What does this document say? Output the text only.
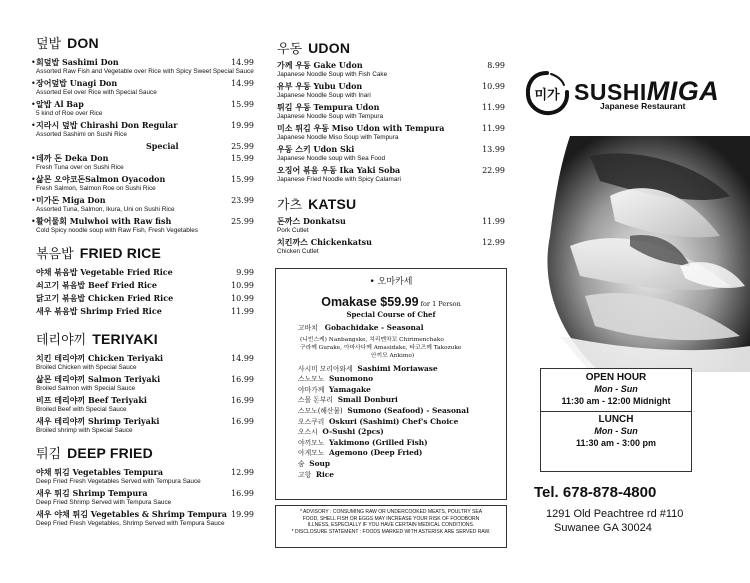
덮밥 DON
• 회덮밥 Sashimi Don	14.99
Assorted Raw Fish and Vegetable over Rice with Spicy Sweet Special Sauce
• 장어덮밥 Unagi Don	14.99
Assorted Eel over Rice with Special Sauce
• 알밥 Al Bap	15.99
5 kind of Roe over Rice
• 지라시 덮밥 Chirashi Don Regular	19.99
Assorted Sashimi on Sushi Rice
Special	25.99
• 데까 돈 Deka Don	15.99
Fresh Tuna over on Sushi Rice
• 삶몬 오야코돈Salmon Oyacodon	15.99
Fresh Salmon, Salmon Roe on Sushi Rice
• 미가돈 Miga Don	23.99
Assorted Tuna, Salmon, Ikura, Uni on Sushi Rice
• 활어물회 Mulwhoi with Raw fish	25.99
Cold Spicy noodle soup with Raw Fish, Fresh Vegetables
볶음밥 FRIED RICE
야채 볶음밥 Vegetable Fried Rice	9.99
쇠고기 볶음밥 Beef Fried Rice	10.99
닭고기 볶음밥 Chicken Fried Rice	10.99
새우 볶음밥 Shrimp Fried Rice	11.99
테리야끼 TERIYAKI
치킨 테리야끼 Chicken Teriyaki	14.99
Broiled Chicken with Special Sauce
삶몬 테리야끼 Salmon Teriyaki	16.99
Broiled Salmon with Special Sauce
비프 테리야끼 Beef Teriyaki	16.99
Broiled Beef with Special Sauce
새우 테리야끼 Shrimp Teriyaki	16.99
Broiled shrimp with Special Sauce
튀김 DEEP FRIED
야채 튀김 Vegetables Tempura	12.99
Deep Fried Fresh Vegetables Served with Tempura Sauce
새우 튀김 Shrimp Tempura	16.99
Deep Fried Shrimp Served with Tempura Sauce
새우 야채 튀김 Vegetables & Shrimp Tempura 19.99
Deep Fried Fresh Vegetables, Shrimp Served with Tempura Sauce
우동 UDON
가께 우동 Gake Udon	8.99
Japanese Noodle Soup with Fish Cake
유부 우동 Yubu Udon	10.99
Japanese Noodle Soup with Inari
튀김 우동 Tempura Udon	11.99
Japanese Noodle Soup with Tempura
미소 튀김 우동 Miso Udon with Tempura	11.99
Japanese Noodle Miso Soup with Tempura
우동 스키 Udon Ski	13.99
Japanese Noodle soup with Sea Food
오징어 볶음 우동 Ika Yaki Soba	22.99
Japanese Fried Noodle with Spicy Calamari
가츠 KATSU
돈까스 Donkatsu	11.99
Pork Cutlet
치킨까스 Chickenkatsu	12.99
Chicken Cutlet
• 오마카세
Omakase $59.99 for 1 Person
Special Course of Chef
고바치 Gobachidake - Seasonal
(니빈스케) Nanbangske, 치리멘차꼬 Chirimenchako
구라께 Gurake, 아마사다께 Amasidake, 타코즈께 Takozuke
안끼모 Ankimo)
사시미 모리아와세 Sashimi Moriawase
스노모노 Sunomono
야마가께 Yamagake
스몰 돈부리 Small Donburi
스모노(해산물) Sumono (Seafood) - Seasonal
오스쿠리 Oskuri (Sashimi) Chef's Choice
오스시 O-Sushi (2pcs)
야끼모노 Yakimono (Grilled Fish)
아게모노 Agemono (Deep Fried)
숨 Soup
고항 Rice
* ADVISORY : CONSUMING RAW OR UNDERCOOKED MEATS, POULTRY SEA
FOOD, SHELL FISH OR EGGS MAY INCREASE YOUR RISK OF FOODBORN
ILLNESS, ESPECIALLY IF YOU HAVE CERTAIN MEDICAL CONDITIONS.
* DISCLOSURE STATEMENT : FOODS MARKED WITH ASTERISK ARE SERVED RAW.
미가 SUSHIMIGA
Japanese Restaurant
OPEN HOUR
Mon - Sun
11:30 am - 12:00 Midnight
LUNCH
Mon - Sun
11:30 am - 3:00 pm
Tel. 678-878-4800
1291 Old Peachtree rd #110
Suwanee GA 30024
